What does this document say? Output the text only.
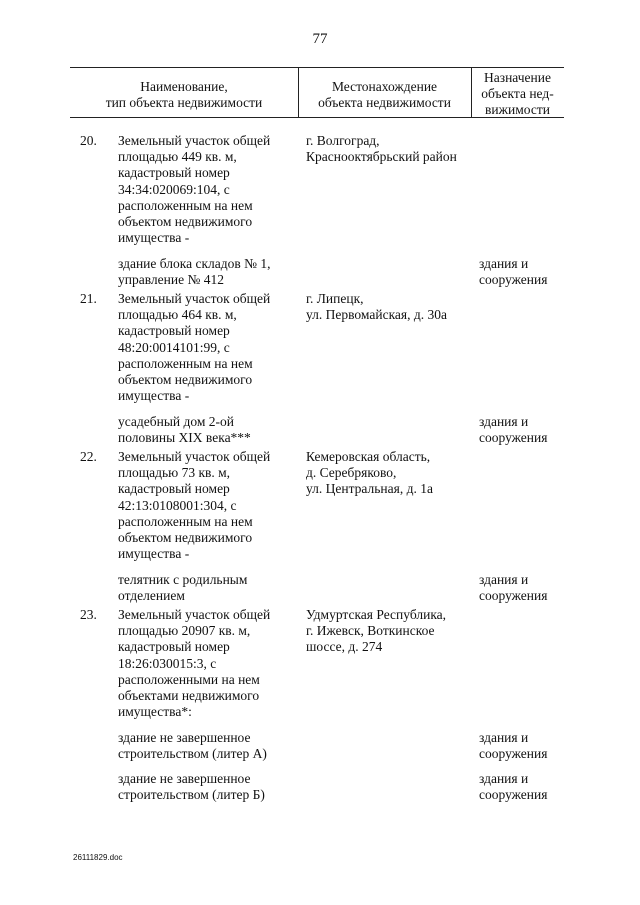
77
Наименование,
тип объекта недвижимости
Местонахождение
объекта недвижимости
Назначение
объекта нед-
вижимости
20. Земельный участок общей
площадью 449 кв. м,
кадастровый номер
34:34:020069:104, с
расположенным на нем
объектом недвижимого
имущества -
г. Волгоград,
Краснооктябрьский район
здание блока складов № 1,
управление № 412
здания и
сооружения
21. Земельный участок общей
площадью 464 кв. м,
кадастровый номер
48:20:0014101:99, с
расположенным на нем
объектом недвижимого
имущества -
г. Липецк,
ул. Первомайская, д. 30а
усадебный дом 2-ой
половины XIX века***
здания и
сооружения
22. Земельный участок общей
площадью 73 кв. м,
кадастровый номер
42:13:0108001:304, с
расположенным на нем
объектом недвижимого
имущества -
Кемеровская область,
д. Серебряково,
ул. Центральная, д. 1а
телятник с родильным
отделением
здания и
сооружения
23. Земельный участок общей
площадью 20907 кв. м,
кадастровый номер
18:26:030015:3, с
расположенными на нем
объектами недвижимого
имущества*:
Удмуртская Республика,
г. Ижевск, Воткинское
шоссе, д. 274
здание не завершенное
строительством (литер А)
здания и
сооружения
здание не завершенное
строительством (литер Б)
здания и
сооружения
26111829.doc
